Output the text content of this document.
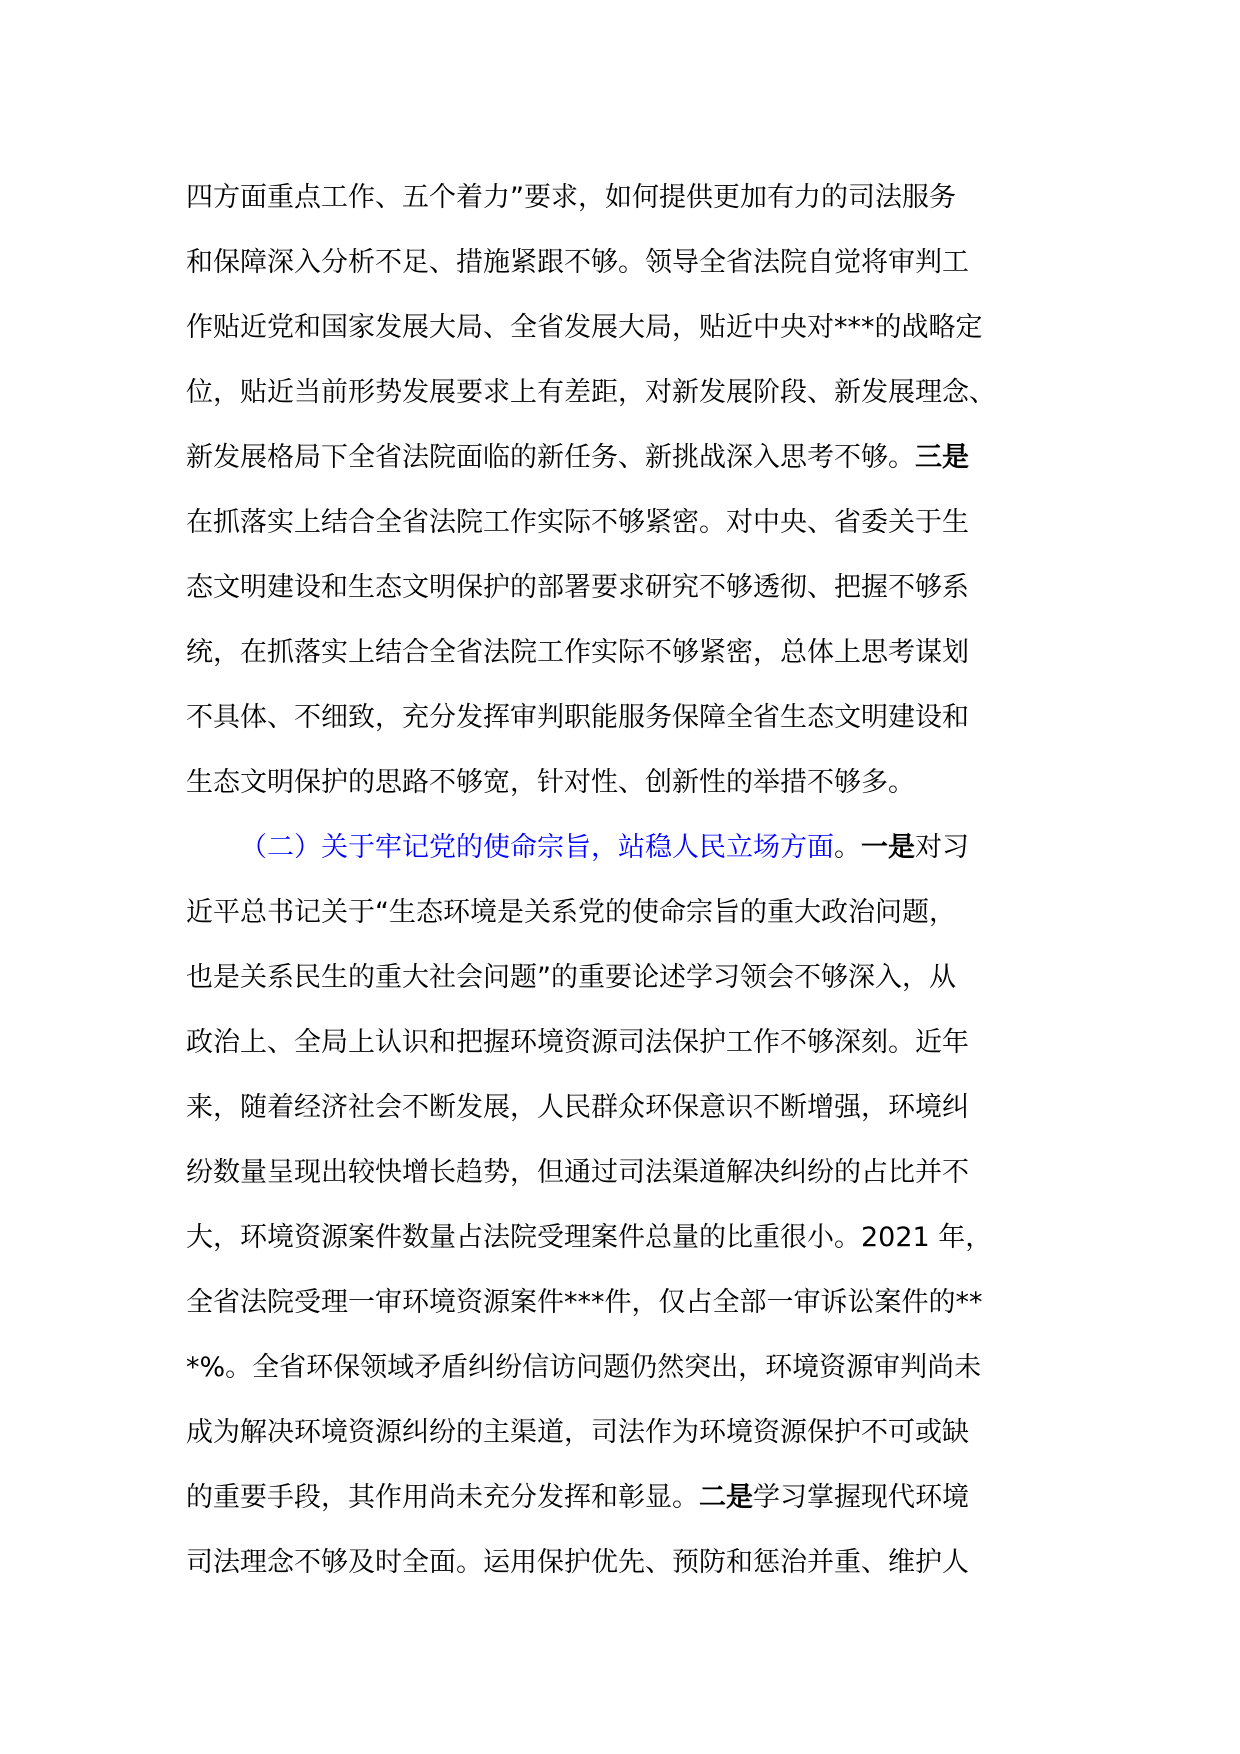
四方面重点工作、五个着力”要求，如何提供更加有力的司法服务
和保障深入分析不足、措施紧跟不够。领导全省法院自觉将审判工
作贴近党和国家发展大局、全省发展大局，贴近中央对***的战略定
位，贴近当前形势发展要求上有差距，对新发展阶段、新发展理念、
新发展格局下全省法院面临的新任务、新挑战深入思考不够。三是
在抓落实上结合全省法院工作实际不够紧密。对中央、省委关于生
态文明建设和生态文明保护的部署要求研究不够透彻、把握不够系
统，在抓落实上结合全省法院工作实际不够紧密，总体上思考谋划
不具体、不细致，充分发挥审判职能服务保障全省生态文明建设和
生态文明保护的思路不够宽，针对性、创新性的举措不够多。
（二）关于牢记党的使命宗旨，站稳人民立场方面。一是对习
近平总书记关于“生态环境是关系党的使命宗旨的重大政治问题，
也是关系民生的重大社会问题”的重要论述学习领会不够深入，从
政治上、全局上认识和把握环境资源司法保护工作不够深刻。近年
来，随着经济社会不断发展，人民群众环保意识不断增强，环境纠
纷数量呈现出较快增长趋势，但通过司法渠道解决纠纷的占比并不
大，环境资源案件数量占法院受理案件总量的比重很小。2021 年，
全省法院受理一审环境资源案件***件，仅占全部一审诉讼案件的**
*%。全省环保领域矛盾纠纷信访问题仍然突出，环境资源审判尚未
成为解决环境资源纠纷的主渠道，司法作为环境资源保护不可或缺
的重要手段，其作用尚未充分发挥和彰显。二是学习掌握现代环境
司法理念不够及时全面。运用保护优先、预防和惩治并重、维护人
